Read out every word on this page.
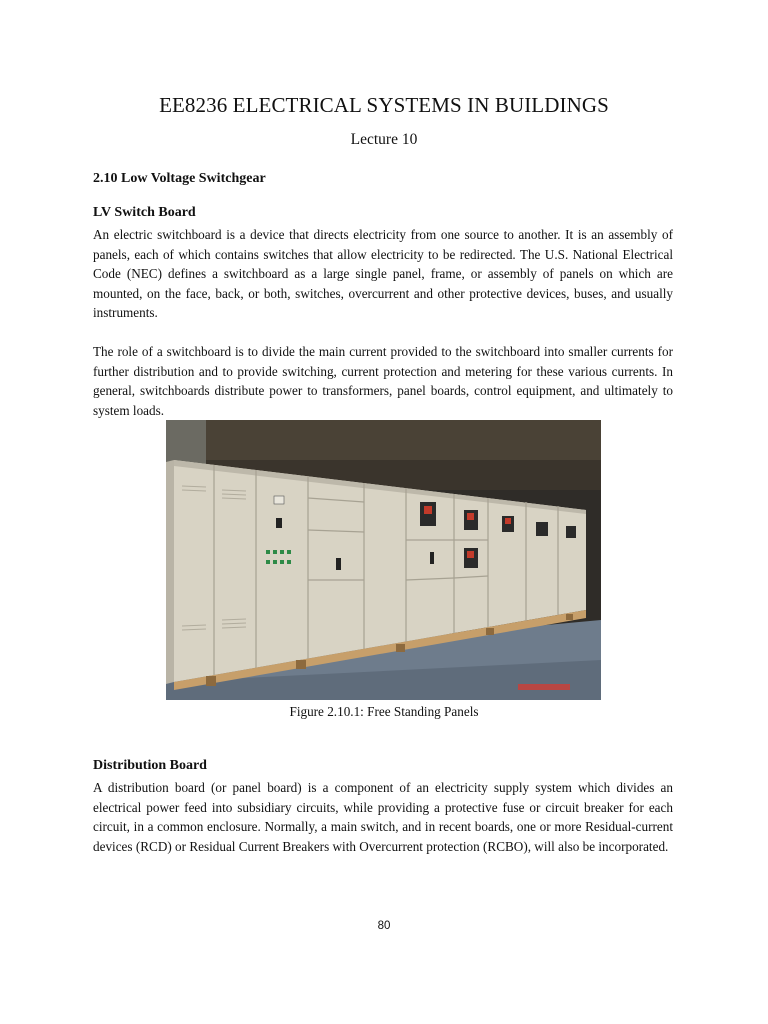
EE8236 ELECTRICAL SYSTEMS IN BUILDINGS
Lecture 10
2.10 Low Voltage Switchgear
LV Switch Board

An electric switchboard is a device that directs electricity from one source to another. It is an assembly of panels, each of which contains switches that allow electricity to be redirected. The U.S. National Electrical Code (NEC) defines a switchboard as a large single panel, frame, or assembly of panels on which are mounted, on the face, back, or both, switches, overcurrent and other protective devices, buses, and usually instruments.

The role of a switchboard is to divide the main current provided to the switchboard into smaller currents for further distribution and to provide switching, current protection and metering for these various currents. In general, switchboards distribute power to transformers, panel boards, control equipment, and ultimately to system loads.

Figure 2.10.1: Free Standing Panels
Distribution Board

A distribution board (or panel board) is a component of an electricity supply system which divides an electrical power feed into subsidiary circuits, while providing a protective fuse or circuit breaker for each circuit, in a common enclosure. Normally, a main switch, and in recent boards, one or more Residual-current devices (RCD) or Residual Current Breakers with Overcurrent protection (RCBO), will also be incorporated.

80
